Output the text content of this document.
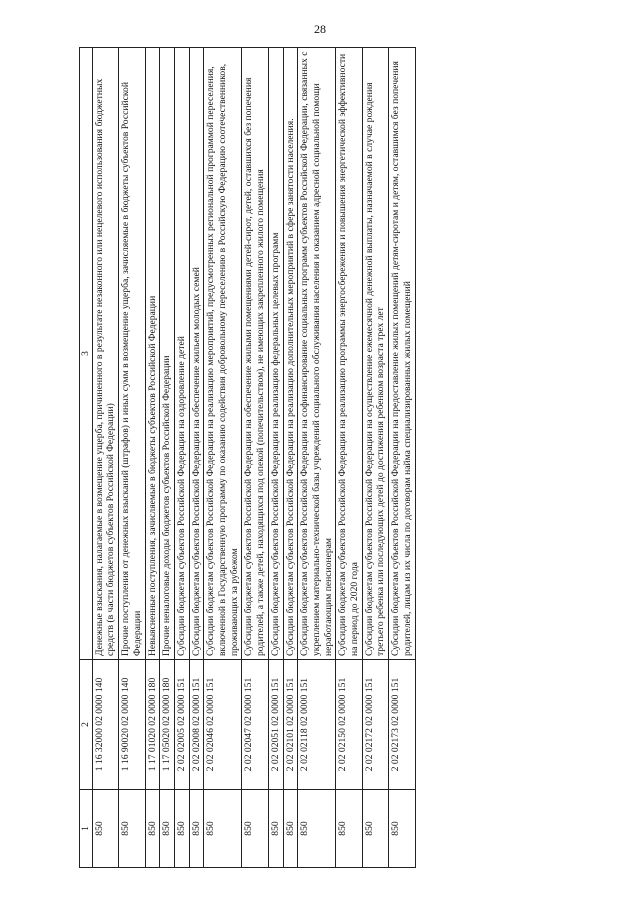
28
1	2	3
850	1 16 32000 02 0000 140	Денежные взыскания, налагаемые в возмещение ущерба, причиненного в результате незаконного или нецелевого использования бюджетных средств (в части бюджетов субъектов Российской Федерации)
850	1 16 90020 02 0000 140	Прочие поступления от денежных взысканий (штрафов) и иных сумм в возмещение ущерба, зачисляемые в бюджеты субъектов Российской Федерации
850	1 17 01020 02 0000 180	Невыясненные поступления, зачисляемые в бюджеты субъектов Российской Федерации
850	1 17 05020 02 0000 180	Прочие неналоговые доходы бюджетов субъектов Российской Федерации
850	2 02 02005 02 0000 151	Субсидии бюджетам субъектов Российской Федерации на оздоровление детей
850	2 02 02008 02 0000 151	Субсидии бюджетам субъектов Российской Федерации на обеспечение жильем молодых семей
850	2 02 02046 02 0000 151	Субсидии бюджетам субъектов Российской Федерации на реализацию мероприятий, предусмотренных региональной программой переселения, включенной в Государственную программу по оказанию содействия добровольному переселению в Российскую Федерацию соотечественников, проживающих за рубежом
850	2 02 02047 02 0000 151	Субсидии бюджетам субъектов Российской Федерации на обеспечение жилыми помещениями детей-сирот, детей, оставшихся без попечения родителей, а также детей, находящихся под опекой (попечительством), не имеющих закрепленного жилого помещения
850	2 02 02051 02 0000 151	Субсидии бюджетам субъектов Российской Федерации на реализацию федеральных целевых программ
850	2 02 02101 02 0000 151	Субсидии бюджетам субъектов Российской Федерации на реализацию дополнительных мероприятий в сфере занятости населения.
850	2 02 02118 02 0000 151	Субсидии бюджетам субъектов Российской Федерации на софинансирование социальных программ субъектов Российской Федерации, связанных с укреплением материально-технической базы учреждений социального обслуживания населения и оказанием адресной социальной помощи неработающим пенсионерам
850	2 02 02150 02 0000 151	Субсидии бюджетам субъектов Российской Федерации на реализацию программы энергосбережения и повышения энергетической эффективности на период до 2020 года
850	2 02 02172 02 0000 151	Субсидии бюджетам субъектов Российской Федерации на осуществление ежемесячной денежной выплаты, назначаемой в случае рождения третьего ребенка или последующих детей до достижения ребенком возраста трех лет
850	2 02 02173 02 0000 151	Субсидии бюджетам субъектов Российской Федерации на предоставление жилых помещений детям-сиротам и детям, оставшимся без попечения родителей, лицам из их числа по договорам найма специализированных жилых помещений
